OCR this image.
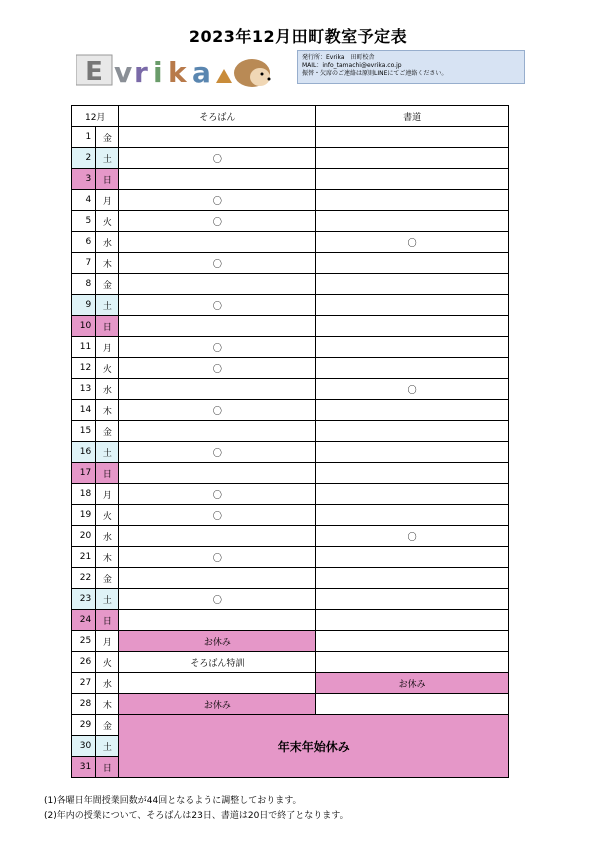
2023年12月田町教室予定表
E v r i k a	発行所：Evrika　田町校舎
MAIL：info_tamachi@evrika.co.jp
振替・欠席のご連絡は原則LINEにてご連絡ください。
12月		そろばん	書道
1	金		
2	土	〇	
3	日		
4	月	〇	
5	火	〇	
6	水		〇
7	木	〇	
8	金		
9	土	〇	
10	日		
11	月	〇	
12	火	〇	
13	水		〇
14	木	〇	
15	金		
16	土	〇	
17	日		
18	月	〇	
19	火	〇	
20	水		〇
21	木	〇	
22	金		
23	土	〇	
24	日		
25	月	お休み	
26	火	そろばん特訓	
27	水		お休み
28	木	お休み	
29	金	年末年始休み	
30	土		
31	日		
(1)各曜日年間授業回数が44回となるように調整しております。
(2)年内の授業について、そろばんは23日、書道は20日で終了となります。
